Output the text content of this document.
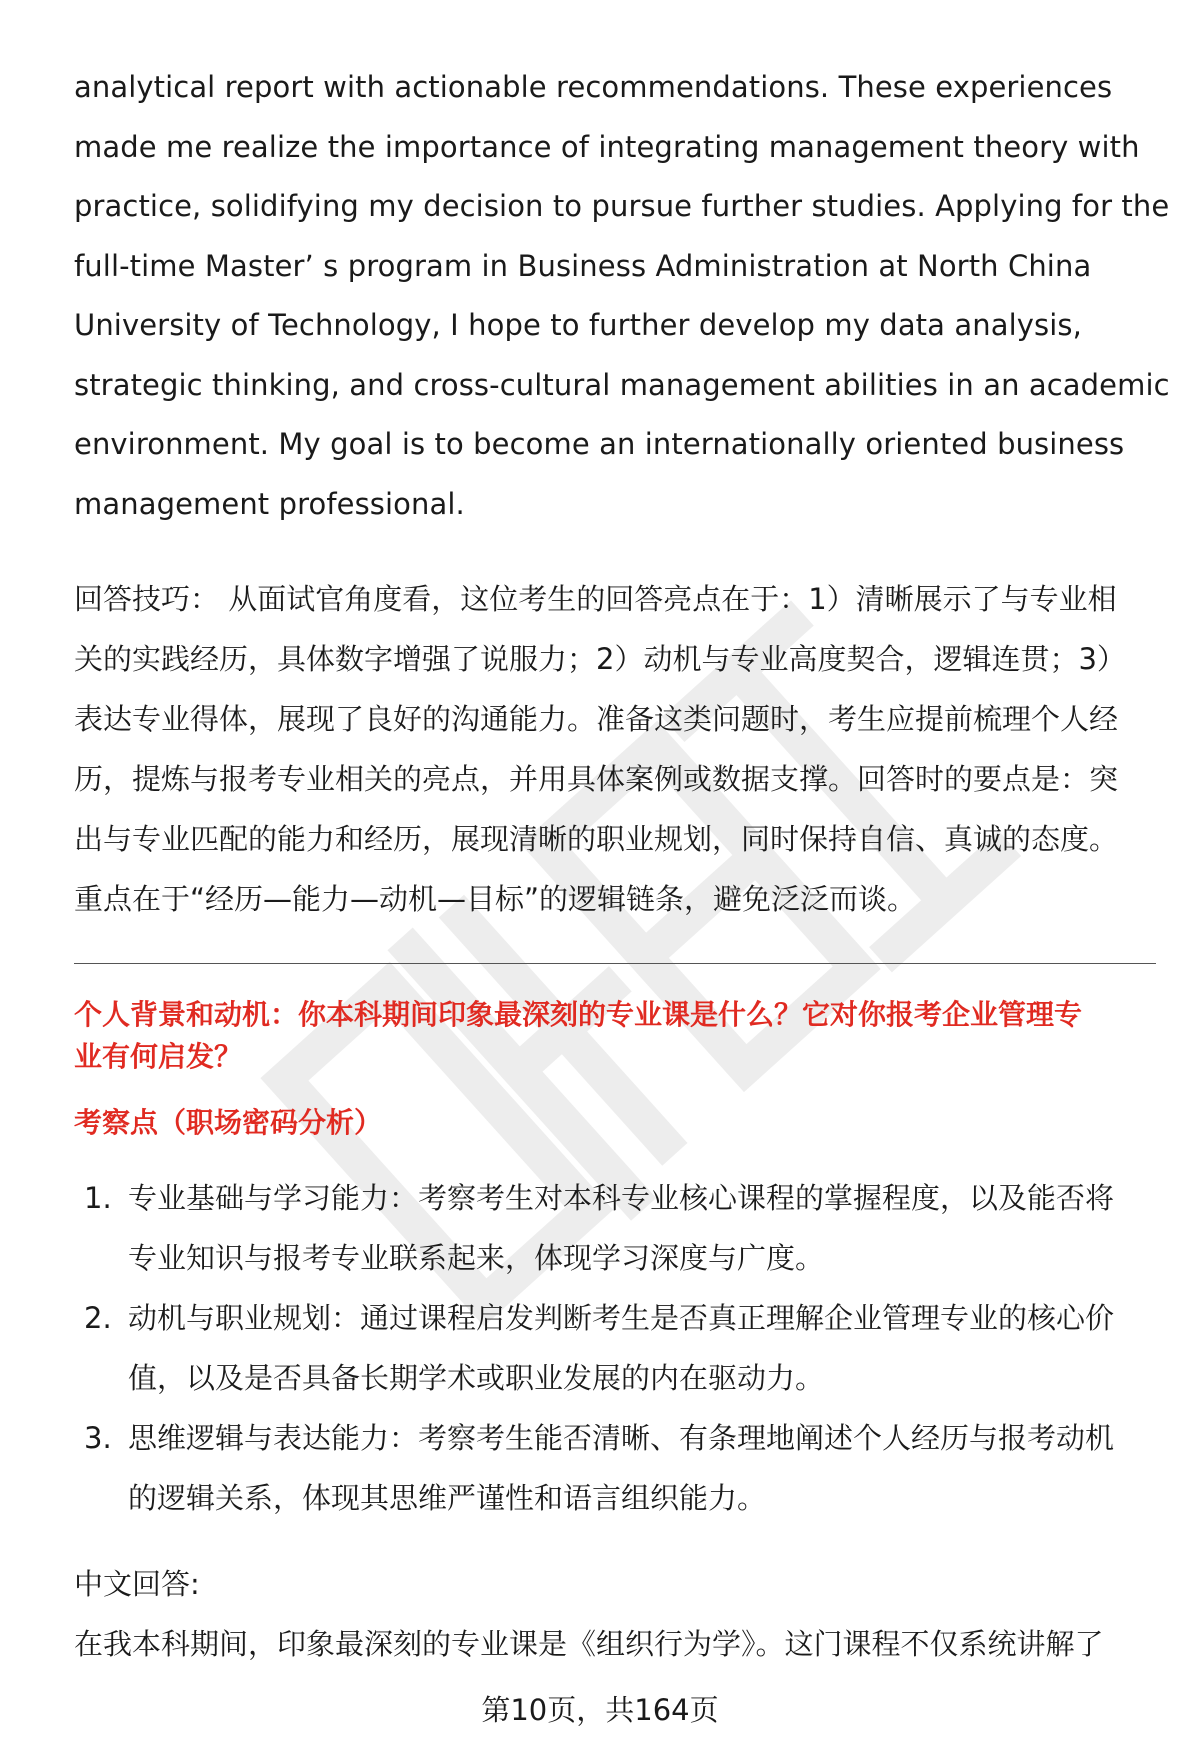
analytical report with actionable recommendations. These experiences
made me realize the importance of integrating management theory with
practice, solidifying my decision to pursue further studies. Applying for the
full-time Master’ s program in Business Administration at North China
University of Technology, I hope to further develop my data analysis,
strategic thinking, and cross-cultural management abilities in an academic
environment. My goal is to become an internationally oriented business
management professional.

回答技巧： 从面试官角度看，这位考生的回答亮点在于：1）清晰展示了与专业相
关的实践经历，具体数字增强了说服力；2）动机与专业高度契合，逻辑连贯；3）
表达专业得体，展现了良好的沟通能力。准备这类问题时，考生应提前梳理个人经
历，提炼与报考专业相关的亮点，并用具体案例或数据支撑。回答时的要点是：突
出与专业匹配的能力和经历，展现清晰的职业规划，同时保持自信、真诚的态度。
重点在于“经历—能力—动机—目标”的逻辑链条，避免泛泛而谈。

个人背景和动机：你本科期间印象最深刻的专业课是什么？它对你报考企业管理专
业有何启发？
考察点（职场密码分析）
1. 专业基础与学习能力：考察考生对本科专业核心课程的掌握程度，以及能否将
专业知识与报考专业联系起来，体现学习深度与广度。
2. 动机与职业规划：通过课程启发判断考生是否真正理解企业管理专业的核心价
值，以及是否具备长期学术或职业发展的内在驱动力。
3. 思维逻辑与表达能力：考察考生能否清晰、有条理地阐述个人经历与报考动机
的逻辑关系，体现其思维严谨性和语言组织能力。

中文回答:

在我本科期间，印象最深刻的专业课是《组织行为学》。这门课程不仅系统讲解了

第10页，共164页
